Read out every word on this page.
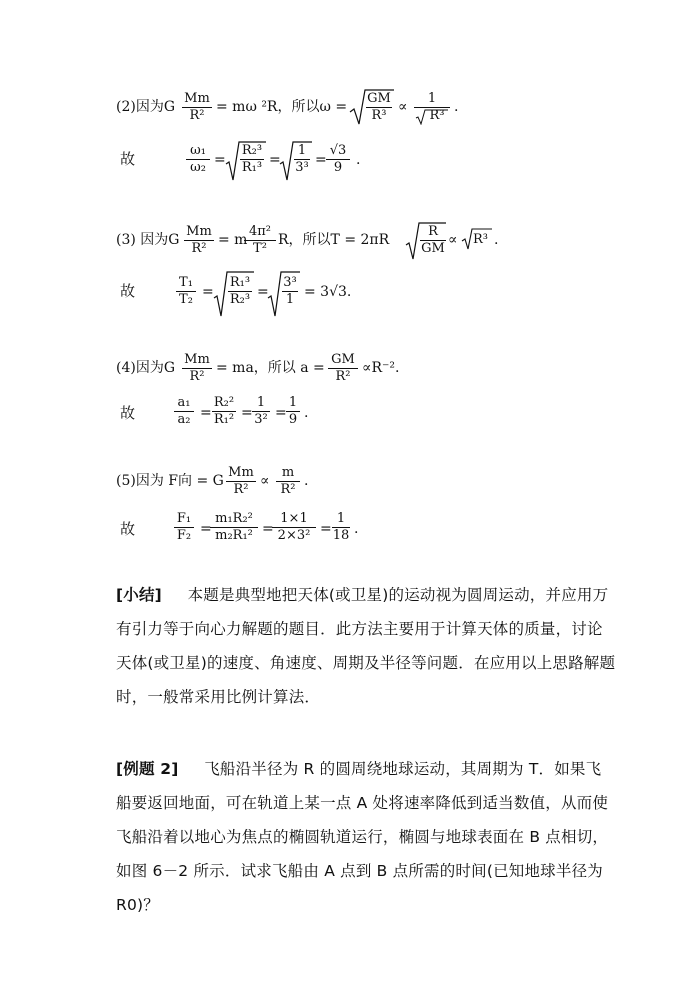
(2)因为G
Mm
R²
= mω ²R，所以ω =
GM
R³
∝
1
R³
.
故	ω₁
ω₂ =
R₂³
R₁³ =
1
3³ =
√3
9 .
(3) 因为G
Mm
R²
= m
4π²
T²
R，所以T = 2πR
R
GM
∝ R³ .
故	T₁
T₂ =
R₁³
R₂³ =
3³
1 = 3√3.
(4)因为G
Mm
R²
= ma，所以 a =
GM
R²
∝R⁻².
故
a₁
a₂ =
R₂²
R₁² =
1
3² =
1
9 .
(5)因为 F向 = G
Mm
R²
∝
m
R²
.
故
F₁
F₂ =
m₁R₂²
m₂R₁² =
1×1
2×3² =
1
18 .
[小结] 本题是典型地把天体(或卫星)的运动视为圆周运动，并应用万有引力等于向心力解题的题目．此方法主要用于计算天体的质量，讨论天体(或卫星)的速度、角速度、周期及半径等问题．在应用以上思路解题时，一般常采用比例计算法．
[例题 2] 飞船沿半径为 R 的圆周绕地球运动，其周期为 T．如果飞船要返回地面，可在轨道上某一点 A 处将速率降低到适当数值，从而使飞船沿着以地心为焦点的椭圆轨道运行，椭圆与地球表面在 B 点相切，如图 6－2 所示．试求飞船由 A 点到 B 点所需的时间(已知地球半径为 R0)？
